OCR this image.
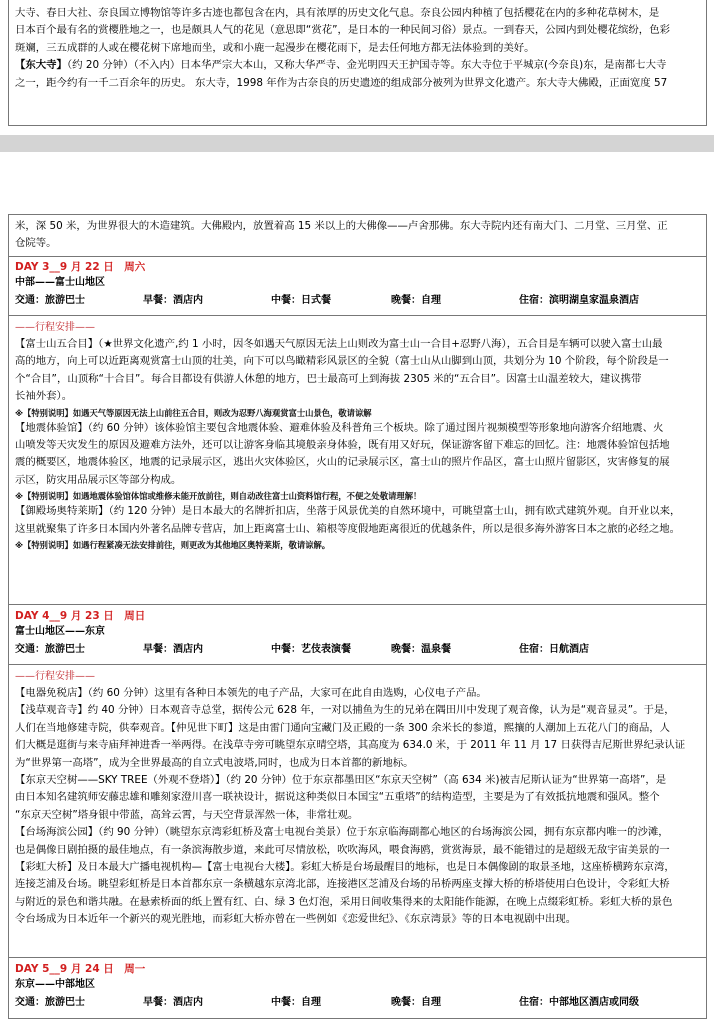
大寺、春日大社、奈良国立博物馆等许多古迹也都包含在内，具有浓厚的历史文化气息。奈良公园内种植了包括樱花在内的多种花草树木，是
日本百个最有名的赏樱胜地之一，也是颇具人气的花见（意思即“赏花”，是日本的一种民间习俗）景点。一到春天，公园内到处樱花缤纷，色彩
斑斓，三五成群的人或在樱花树下席地而坐，或和小鹿一起漫步在樱花雨下，是去任何地方都无法体验到的美好。
【东大寺】（约 20 分钟）（不入内）日本华严宗大本山，又称大华严寺、金光明四天王护国寺等。东大寺位于平城京(今奈良)东，是南都七大寺
之一，距今约有一千二百余年的历史。 东大寺，1998 年作为古奈良的历史遗迹的组成部分被列为世界文化遗产。东大寺大佛殿，正面宽度 57
米，深 50 米，为世界很大的木造建筑。大佛殿内，放置着高 15 米以上的大佛像——卢舍那佛。东大寺院内还有南大门、二月堂、三月堂、正
仓院等。
DAY 3__9 月 22 日　周六
中部——富士山地区
交通：旅游巴士	早餐：酒店内	中餐：日式餐	晚餐：自理	住宿：滨明湖皇家温泉酒店
——行程安排——
【富士山五合目】（★世界文化遗产,约 1 小时，因冬如遇天气原因无法上山则改为富士山一合目+忍野八海），五合目是车辆可以驶入富士山最
高的地方，向上可以近距离观赏富士山顶的壮美，向下可以鸟瞰精彩风景区的全貌（富士山从山脚到山顶，共划分为 10 个阶段，每个阶段是一
个“合目”，山顶称“十合目”。每合目都设有供游人休憩的地方，巴士最高可上到海拔 2305 米的“五合目”。因富士山温差较大，建议携带
长袖外套）。
※【特别说明】如遇天气等原因无法上山前往五合目，则改为忍野八海观赏富士山景色，敬请谅解
【地震体验馆】（约 60 分钟）该体验馆主要包含地震体验、避难体验及科普角三个板块。除了通过图片视频模型等形象地向游客介绍地震、火
山喷发等天灾发生的原因及避难方法外，还可以让游客身临其境般亲身体验，既有用又好玩，保证游客留下难忘的回忆。注：地震体验馆包括地
震的概要区，地震体验区，地震的记录展示区，逃出火灾体验区，火山的记录展示区，富士山的照片作品区，富士山照片留影区，灾害修复的展
示区，防灾用品展示区等部分构成。
※【特别说明】如遇地震体验馆体馆或维修未能开放前往，则自动改往富士山资料馆行程，不便之处敬请理解！
【御殿场奥特莱斯】（约 120 分钟）是日本最大的名牌折扣店，坐落于风景优美的自然环境中，可眺望富士山，拥有欧式建筑外观。自开业以来，
这里就聚集了许多日本国内外著名品牌专营店，加上距离富士山、箱根等度假地距离很近的优越条件，所以是很多海外游客日本之旅的必经之地。
※【特别说明】如遇行程紧凑无法安排前往，则更改为其他地区奥特莱斯，敬请谅解。
DAY 4__9 月 23 日　周日
富士山地区——东京
交通：旅游巴士	早餐：酒店内	中餐：艺伎表演餐	晚餐：温泉餐	住宿：日航酒店
——行程安排——
【电器免税店】（约 60 分钟）这里有各种日本领先的电子产品，大家可在此自由选购，心仪电子产品。
【浅草观音寺】约 40 分钟）日本观音寺总堂，据传公元 628 年，一对以捕鱼为生的兄弟在隅田川中发现了观音像，认为是“观音显灵”。于是，
人们在当地修建寺院，供奉观音。【仲见世下町】这是由雷门通向宝藏门及正殿的一条 300 余米长的参道，熙攘的人潮加上五花八门的商品，人
们大概是逛街与来寺庙拜神进香一举两得。在浅草寺旁可眺望东京晴空塔，其高度为 634.0 米，于 2011 年 11 月 17 日获得吉尼斯世界纪录认证
为“世界第一高塔”，成为全世界最高的自立式电波塔,同时，也成为日本首都的新地标。
【东京天空树——SKY TREE（外观不登塔）】（约 20 分钟）位于东京都墨田区“东京天空树”（高 634 米)被吉尼斯认证为“世界第一高塔”，是
由日本知名建筑师安藤忠雄和雕刻家澄川喜一联袂设计，据说这种类似日本国宝“五重塔”的结构造型，主要是为了有效抵抗地震和强风。整个
“东京天空树”塔身银中带蓝，高耸云霄，与天空背景浑然一体，非常壮观。
【台场海滨公园】（约 90 分钟）（眺望东京湾彩虹桥及富士电视台美景）位于东京临海副都心地区的台场海滨公园，拥有东京都内唯一的沙滩，
也是偶像日剧拍摄的最佳地点，有一条滨海散步道，来此可尽情放松，吹吹海风，喂食海鸥，赏赏海景，最不能错过的是超级无敌宇宙美景的一
【彩虹大桥】及日本最大广播电视机构—【富士电视台大楼】。彩虹大桥是台场最醒目的地标，也是日本偶像剧的取景圣地，这座桥横跨东京湾，
连接芝浦及台场。眺望彩虹桥是日本首都东京一条横越东京湾北部，连接港区芝浦及台场的吊桥两座支撑大桥的桥塔使用白色设计，令彩虹大桥
与附近的景色和谐共融。在悬索桥面的纸上置有红、白、绿 3 色灯泡，采用日间收集得来的太阳能作能源，在晚上点缀彩虹桥。彩虹大桥的景色
令台场成为日本近年一个新兴的观光胜地，而彩虹大桥亦曾在一些例如《恋爱世纪》、《东京湾景》等的日本电视剧中出现。
DAY 5__9 月 24 日　周一
东京——中部地区
交通：旅游巴士	早餐：酒店内	中餐：自理	晚餐：自理	住宿：中部地区酒店或同级
